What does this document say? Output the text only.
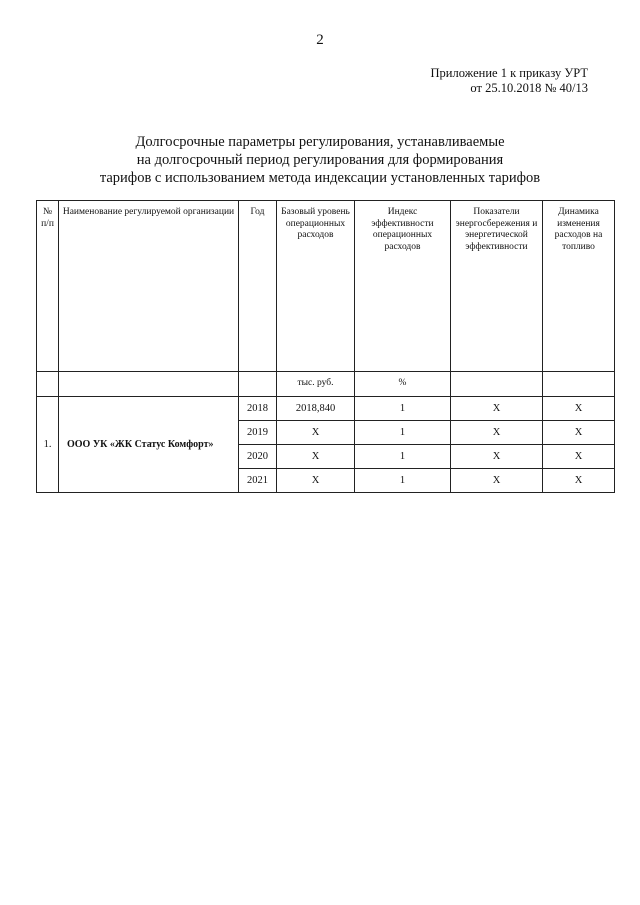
2
Приложение 1 к приказу УРТ
от 25.10.2018 № 40/13
Долгосрочные параметры регулирования, устанавливаемые
на долгосрочный период регулирования для формирования
тарифов с использованием метода индексации установленных тарифов
№ п/п	Наименование регулируемой организации	Год	Базовый уровень операционных расходов	Индекс эффективности операционных расходов	Показатели энергосбережения и энергетической эффективности	Динамика изменения расходов на топливо
			тыс. руб.	%		
1.	ООО УК «ЖК Статус Комфорт»	2018	2018,840	1	X	X
		2019	X	1	X	X
		2020	X	1	X	X
		2021	X	1	X	X
